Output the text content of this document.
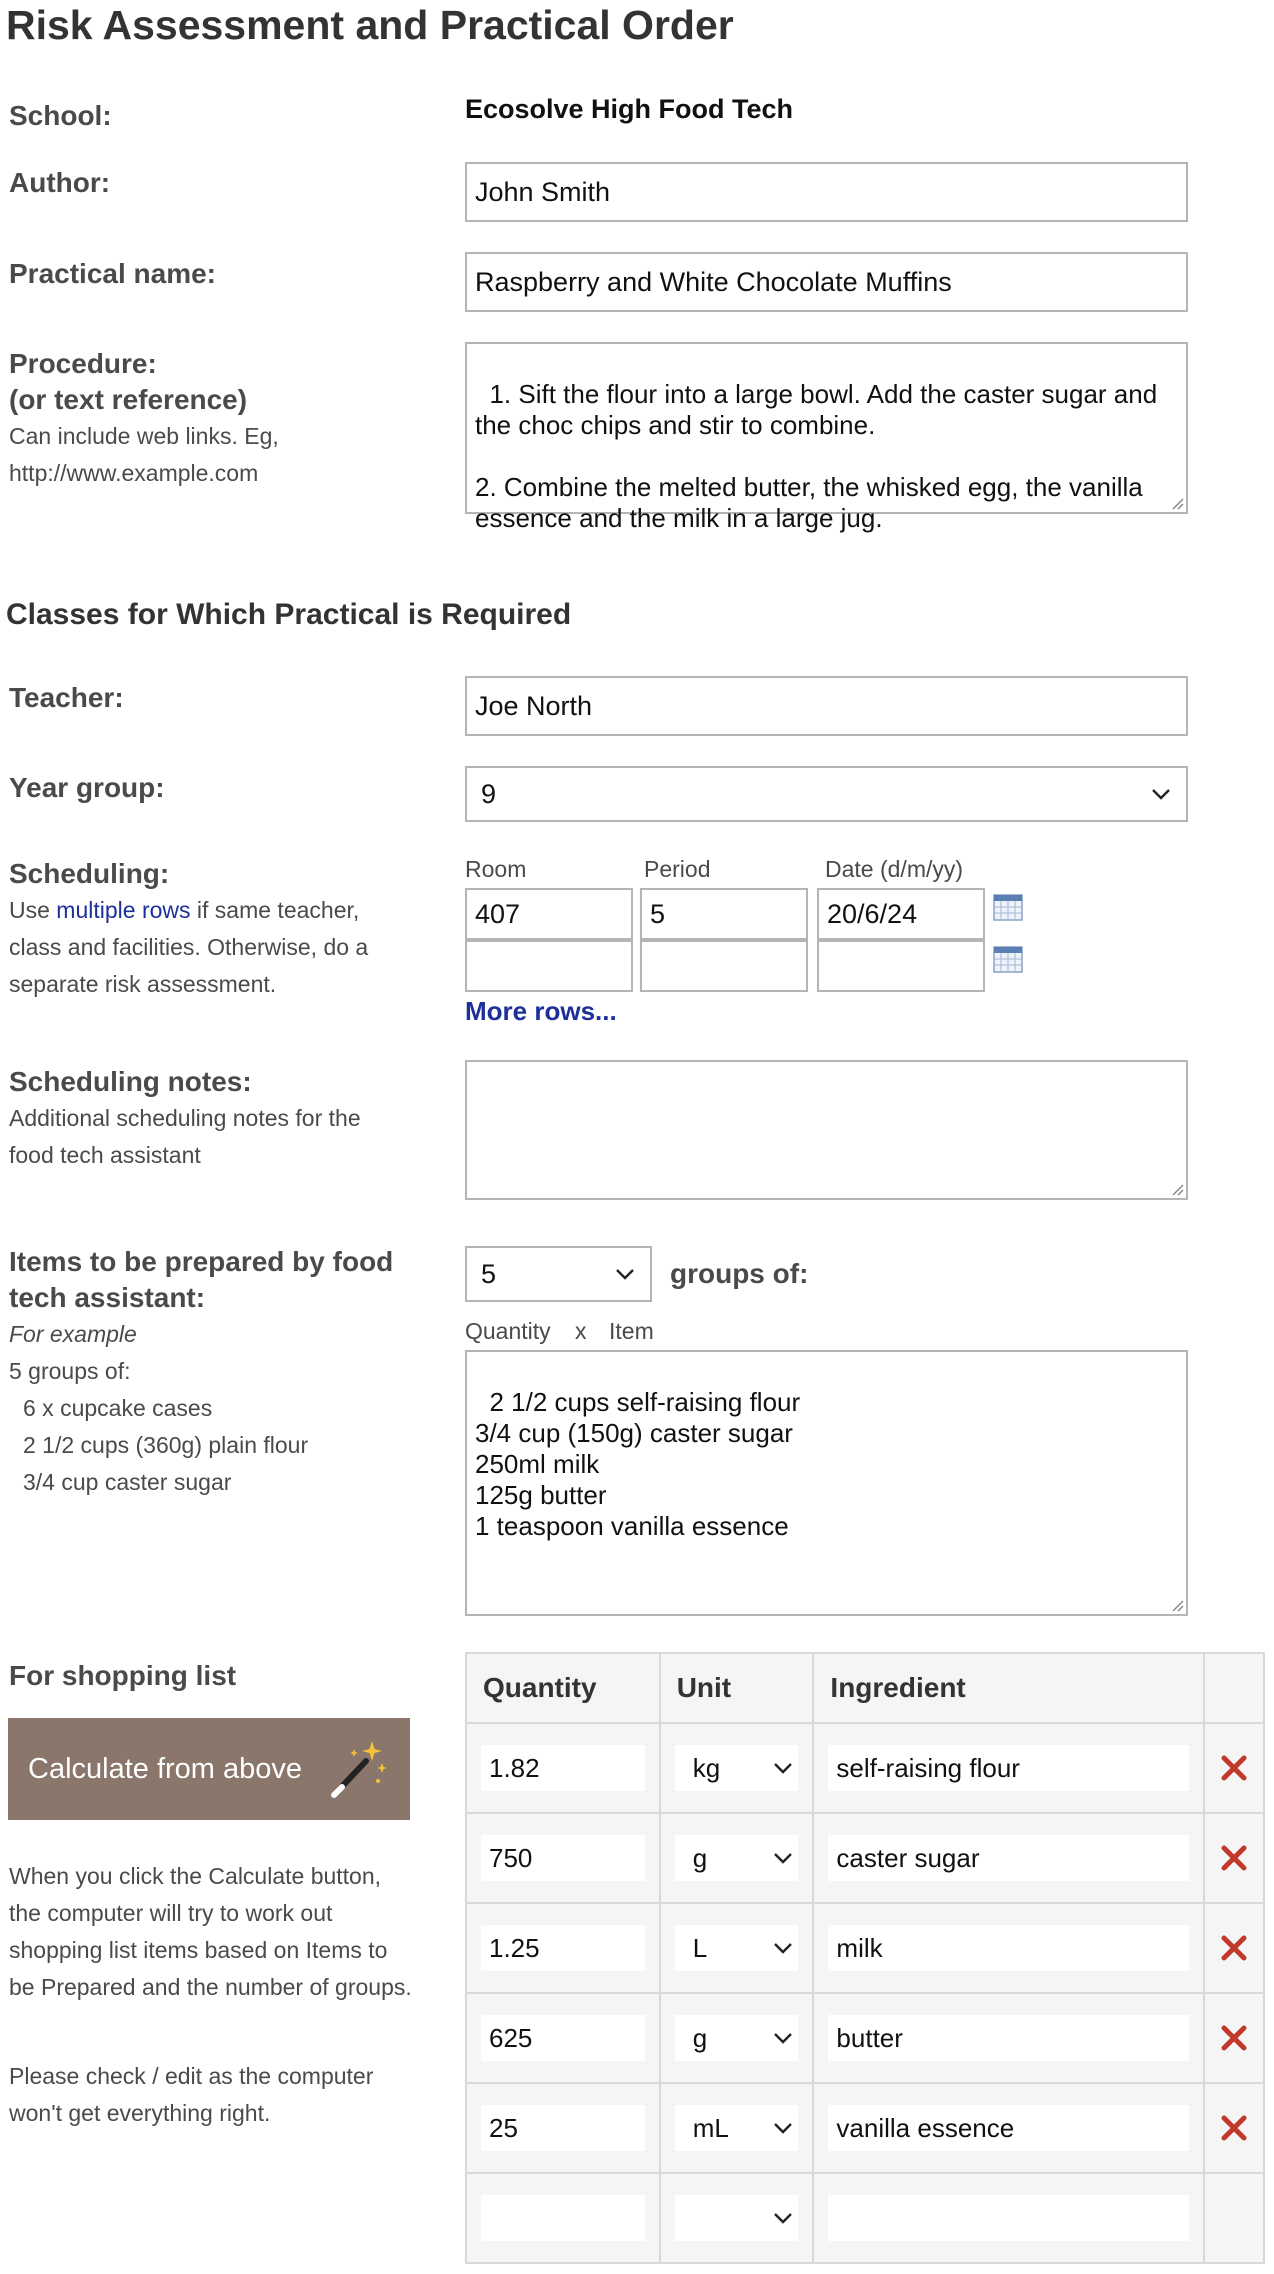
Risk Assessment and Practical Order
School:	Ecosolve High Food Tech
Author:	John Smith
Practical name:	Raspberry and White Chocolate Muffins
Procedure:
(or text reference)
Can include web links. Eg, http://www.example.com

1. Sift the flour into a large bowl. Add the caster sugar and the choc chips and stir to combine.

2. Combine the melted butter, the whisked egg, the vanilla essence and the milk in a large jug.

Classes for Which Practical is Required
Teacher:	Joe North
Year group:	9
Scheduling:
Use multiple rows if same teacher, class and facilities. Otherwise, do a separate risk assessment.
Room	Period	Date (d/m/yy)
407	5	20/6/24
More rows...
Scheduling notes:
Additional scheduling notes for the food tech assistant

Items to be prepared by food tech assistant:
For example
5 groups of:
6 x cupcake cases
2 1/2 cups (360g) plain flour
3/4 cup caster sugar
5	groups of:
Quantity x Item

2 1/2 cups self-raising flour
3/4 cup (150g) caster sugar
250ml milk
125g butter
1 teaspoon vanilla essence

For shopping list
Calculate from above
When you click the Calculate button, the computer will try to work out shopping list items based on Items to be Prepared and the number of groups.
Please check / edit as the computer won't get everything right.
Quantity	Unit	Ingredient	

1.82	kg	self-raising flour

750	g	caster sugar

1.25	L	milk

625	g	butter

25	mL	vanilla essence
